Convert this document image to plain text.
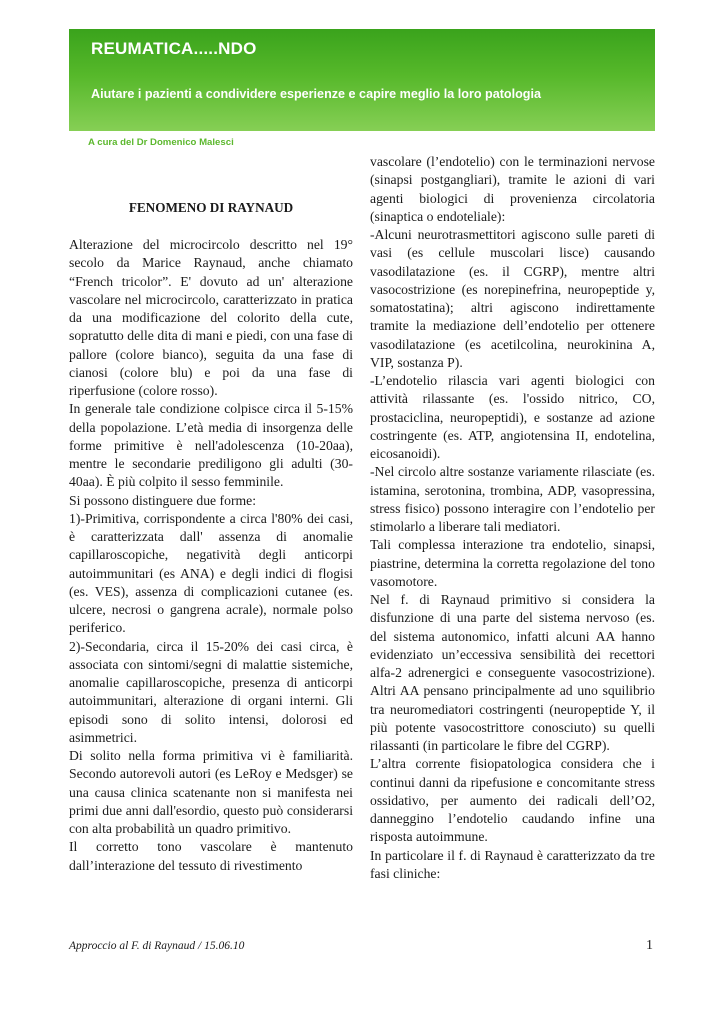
REUMATICA.....NDO
Aiutare i pazienti a condividere esperienze e capire meglio la loro patologia
A cura del Dr Domenico Malesci
FENOMENO DI RAYNAUD

Alterazione del microcircolo descritto nel 19° secolo da Marice Raynaud, anche chiamato “French tricolor”. E' dovuto ad un' alterazione vascolare nel microcircolo, caratterizzato in pratica da una modificazione del colorito della cute, sopratutto delle dita di mani e piedi, con una fase di pallore (colore bianco), seguita da una fase di cianosi (colore blu) e poi da una fase di riperfusione (colore rosso).

In generale tale condizione colpisce circa il 5-15% della popolazione. L’età media di insorgenza delle forme primitive è nell'adolescenza (10-20aa), mentre le secondarie prediligono gli adulti (30-40aa). È più colpito il sesso femminile.

Si possono distinguere due forme:

1)-Primitiva, corrispondente a circa l'80% dei casi, è caratterizzata dall' assenza di anomalie capillaroscopiche, negatività degli anticorpi autoimmunitari (es ANA) e degli indici di flogisi (es. VES), assenza di complicazioni cutanee (es. ulcere, necrosi o gangrena acrale), normale polso periferico.

2)-Secondaria, circa il 15-20% dei casi circa, è associata con sintomi/segni di malattie sistemiche, anomalie capillaroscopiche, presenza di anticorpi autoimmunitari, alterazione di organi interni. Gli episodi sono di solito intensi, dolorosi ed asimmetrici.

Di solito nella forma primitiva vi è familiarità. Secondo autorevoli autori (es LeRoy e Medsger) se una causa clinica scatenante non si manifesta nei primi due anni dall'esordio, questo può considerarsi con alta probabilità un quadro primitivo.

Il corretto tono vascolare è mantenuto dall’interazione del tessuto di rivestimento

vascolare (l’endotelio) con le terminazioni nervose (sinapsi postgangliari), tramite le azioni di vari agenti biologici di provenienza circolatoria (sinaptica o endoteliale):

-Alcuni neurotrasmettitori agiscono sulle pareti di vasi (es cellule muscolari lisce) causando vasodilatazione (es. il CGRP), mentre altri vasocostrizione (es norepinefrina, neuropeptide y, somatostatina); altri agiscono indirettamente tramite la mediazione dell’endotelio per ottenere vasodilatazione (es acetilcolina, neurokinina A, VIP, sostanza P).

-L’endotelio rilascia vari agenti biologici con attività rilassante (es. l'ossido nitrico, CO, prostaciclina, neuropeptidi), e sostanze ad azione costringente (es. ATP, angiotensina II, endotelina, eicosanoidi).

-Nel circolo altre sostanze variamente rilasciate (es. istamina, serotonina, trombina, ADP, vasopressina, stress fisico) possono interagire con l’endotelio per stimolarlo a liberare tali mediatori.

Tali complessa interazione tra endotelio, sinapsi, piastrine, determina la corretta regolazione del tono vasomotore.

Nel f. di Raynaud primitivo si considera la disfunzione di una parte del sistema nervoso (es. del sistema autonomico, infatti alcuni AA hanno evidenziato un’eccessiva sensibilità dei recettori alfa-2 adrenergici e conseguente vasocostrizione). Altri AA pensano principalmente ad uno squilibrio tra neuromediatori costringenti (neuropeptide Y, il più potente vasocostrittore conosciuto) su quelli rilassanti (in particolare le fibre del CGRP).

L’altra corrente fisiopatologica considera che i continui danni da ripefusione e concomitante stress ossidativo, per aumento dei radicali dell’O2, danneggino l’endotelio caudando infine una risposta autoimmune.

In particolare il f. di Raynaud è caratterizzato da tre fasi cliniche:

Approccio al F. di Raynaud / 15.06.10	1
